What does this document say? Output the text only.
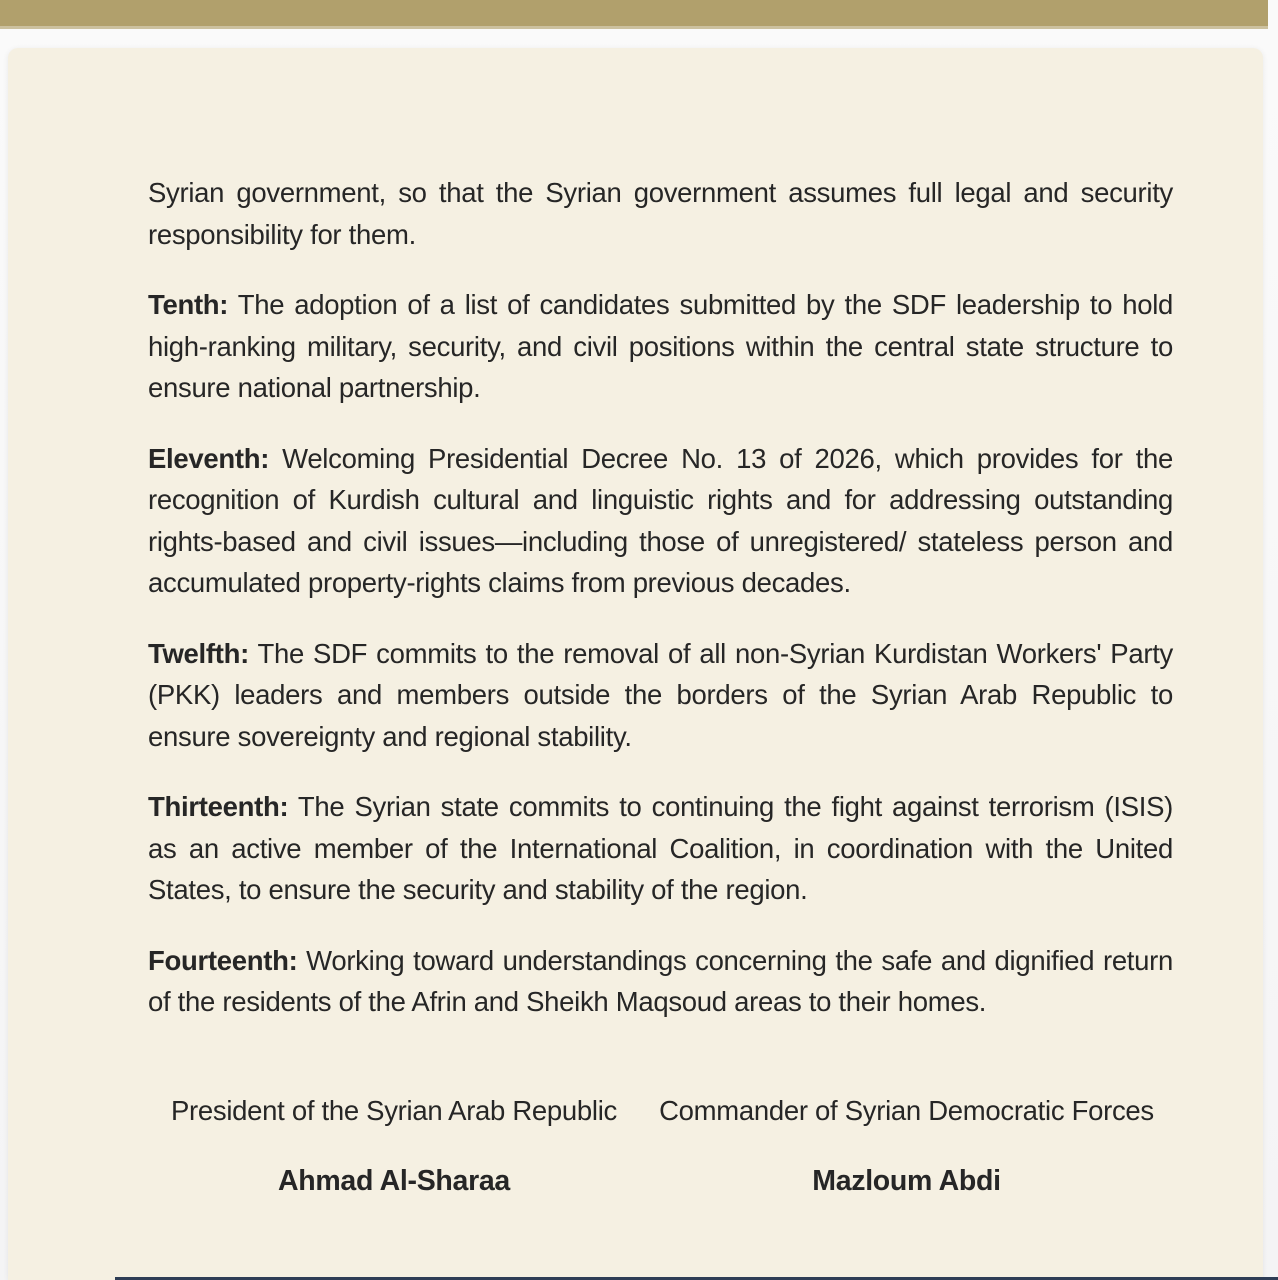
Syrian government, so that the Syrian government assumes full legal and security responsibility for them.

Tenth: The adoption of a list of candidates submitted by the SDF leadership to hold high-ranking military, security, and civil positions within the central state structure to ensure national partnership.

Eleventh: Welcoming Presidential Decree No. 13 of 2026, which provides for the recognition of Kurdish cultural and linguistic rights and for addressing outstanding rights-based and civil issues—including those of unregistered/ stateless person and accumulated property-rights claims from previous decades.

Twelfth: The SDF commits to the removal of all non-Syrian Kurdistan Workers' Party (PKK) leaders and members outside the borders of the Syrian Arab Republic to ensure sovereignty and regional stability.

Thirteenth: The Syrian state commits to continuing the fight against terrorism (ISIS) as an active member of the International Coalition, in coordination with the United States, to ensure the security and stability of the region.

Fourteenth: Working toward understandings concerning the safe and dignified return of the residents of the Afrin and Sheikh Maqsoud areas to their homes.

President of the Syrian Arab Republic
Ahmad Al-Sharaa
Commander of Syrian Democratic Forces
Mazloum Abdi
